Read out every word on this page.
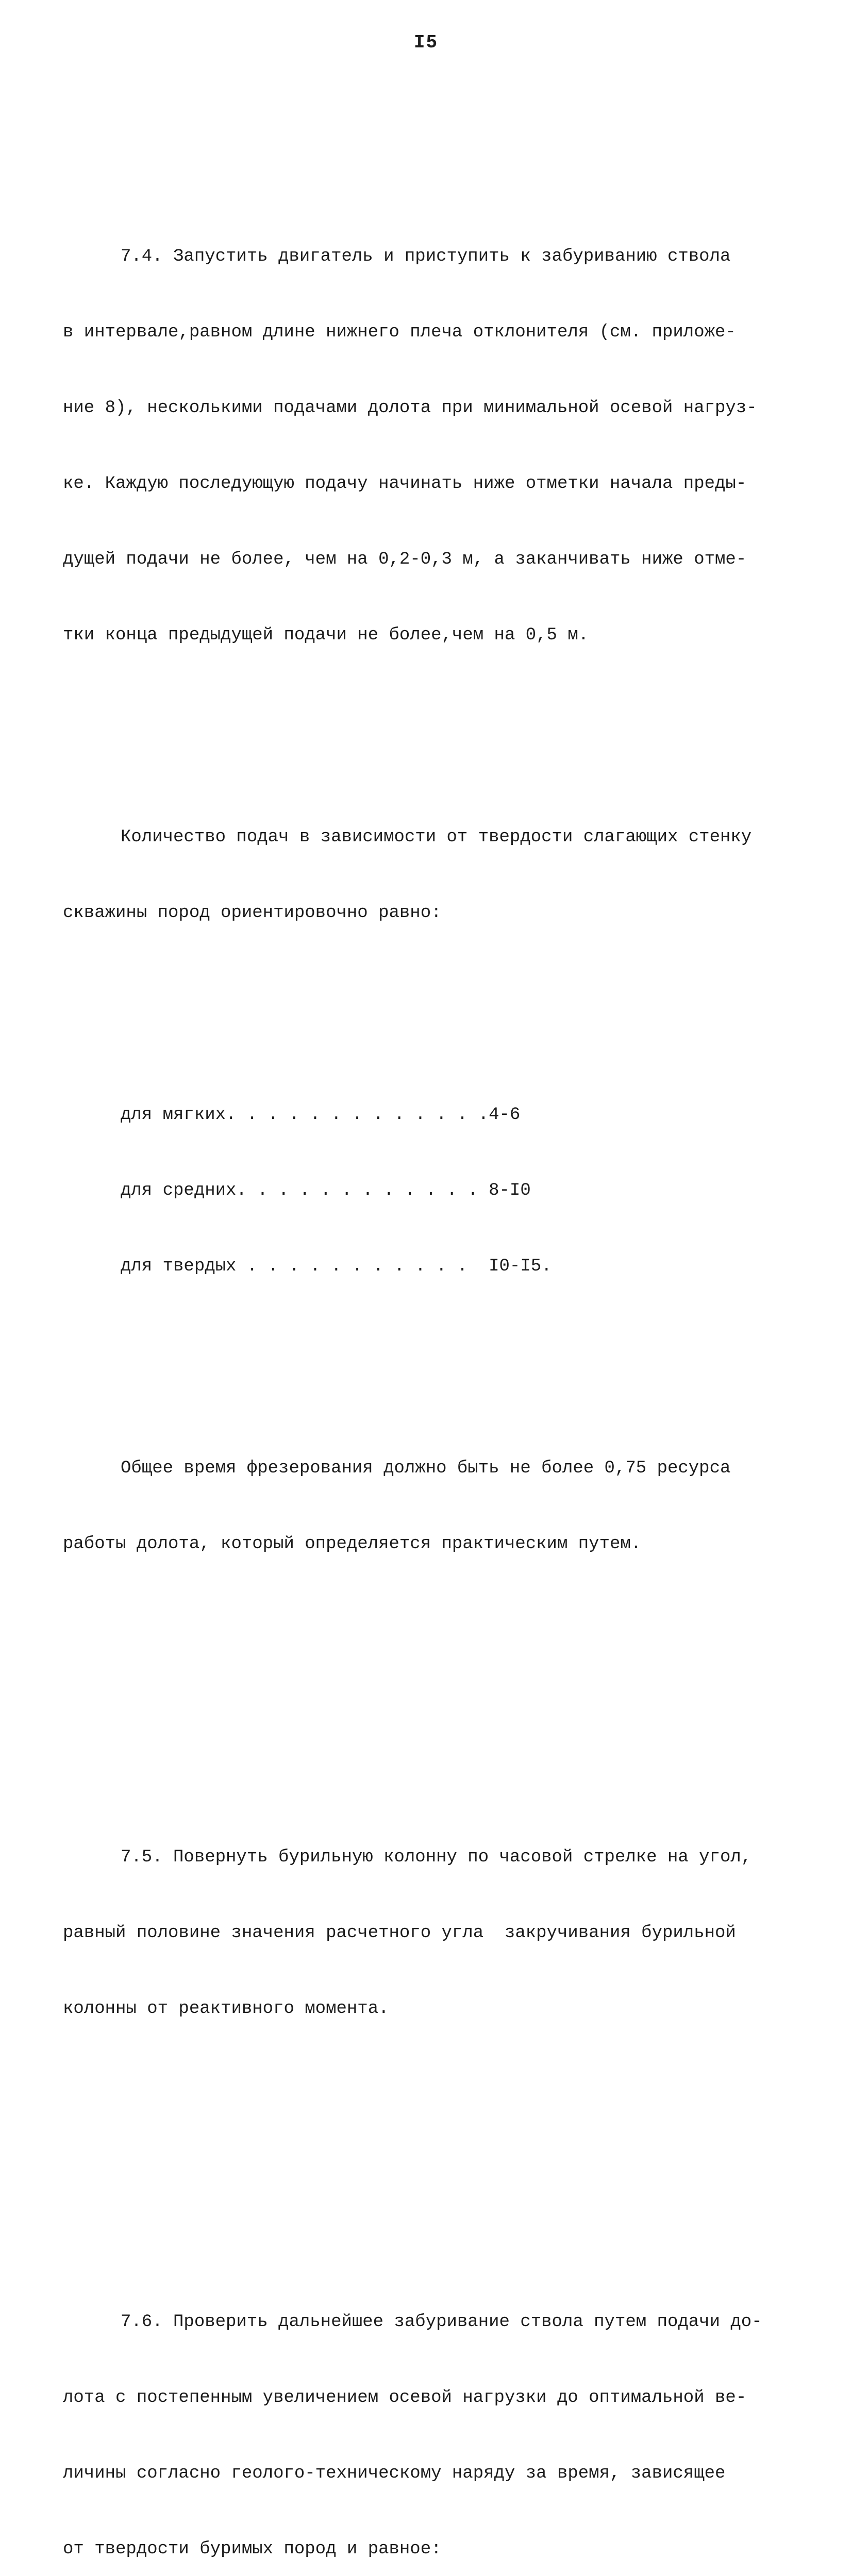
I5

7.4. Запустить двигатель и приступить к забуриванию ствола

в интервале,равном длине нижнего плеча отклонителя (см. приложе-

ние 8), несколькими подачами долота при минимальной осевой нагруз-

ке. Каждую последующую подачу начинать ниже отметки начала преды-

дущей подачи не более, чем на 0,2-0,3 м, а заканчивать ниже отме-

тки конца предыдущей подачи не более,чем на 0,5 м.

Количество подач в зависимости от твердости слагающих стенку

скважины пород ориентировочно равно:

для мягких. . . . . . . . . . . . .4-6

для средних. . . . . . . . . . . . 8-I0

для твердых . . . . . . . . . . .  I0-I5.

Общее время фрезерования должно быть не более 0,75 ресурса

работы долота, который определяется практическим путем.

7.5. Повернуть бурильную колонну по часовой стрелке на угол,

равный половине значения расчетного угла  закручивания бурильной

колонны от реактивного момента.

7.6. Проверить дальнейшее забуривание ствола путем подачи до-

лота с постепенным увеличением осевой нагрузки до оптимальной ве-

личины согласно геолого-техническому наряду за время, зависящее

от твердости буримых пород и равное:
